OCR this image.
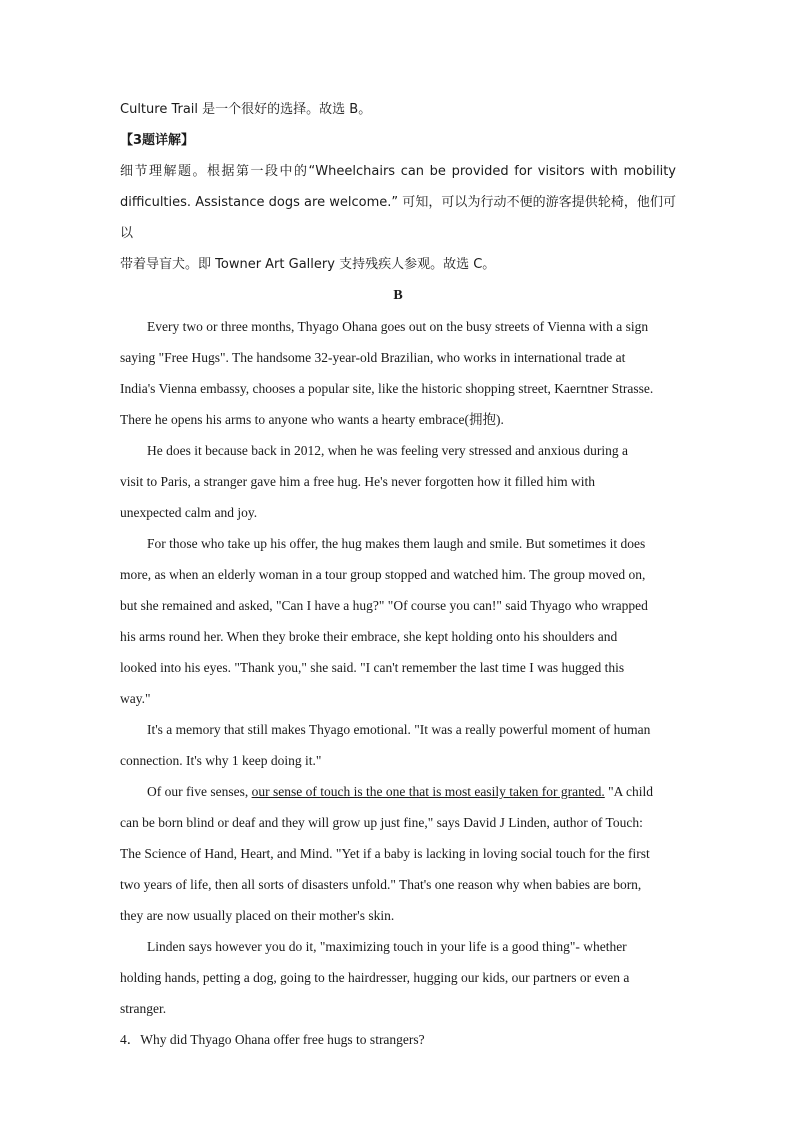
Culture Trail 是一个很好的选择。故选 B。

【3题详解】

细节理解题。根据第一段中的“Wheelchairs can be provided for visitors with mobility

difficulties. Assistance dogs are welcome.” 可知，可以为行动不便的游客提供轮椅，他们可以

带着导盲犬。即 Towner Art Gallery 支持残疾人参观。故选 C。

B

Every two or three months, Thyago Ohana goes out on the busy streets of Vienna with a sign

saying "Free Hugs". The handsome 32-year-old Brazilian, who works in international trade at

India's Vienna embassy, chooses a popular site, like the historic shopping street, Kaerntner Strasse.

There he opens his arms to anyone who wants a hearty embrace(拥抱).

He does it because back in 2012, when he was feeling very stressed and anxious during a

visit to Paris, a stranger gave him a free hug. He's never forgotten how it filled him with

unexpected calm and joy.

For those who take up his offer, the hug makes them laugh and smile. But sometimes it does

more, as when an elderly woman in a tour group stopped and watched him. The group moved on,

but she remained and asked, "Can I have a hug?" "Of course you can!" said Thyago who wrapped

his arms round her. When they broke their embrace, she kept holding onto his shoulders and

looked into his eyes. "Thank you," she said. "I can't remember the last time I was hugged this

way."

It's a memory that still makes Thyago emotional. "It was a really powerful moment of human

connection. It's why 1 keep doing it."

Of our five senses, our sense of touch is the one that is most easily taken for granted. "A child

can be born blind or deaf and they will grow up just fine," says David J Linden, author of Touch:

The Science of Hand, Heart, and Mind. "Yet if a baby is lacking in loving social touch for the first

two years of life, then all sorts of disasters unfold." That's one reason why when babies are born,

they are now usually placed on their mother's skin.

Linden says however you do it, "maximizing touch in your life is a good thing"- whether

holding hands, petting a dog, going to the hairdresser, hugging our kids, our partners or even a

stranger.

4．Why did Thyago Ohana offer free hugs to strangers?
